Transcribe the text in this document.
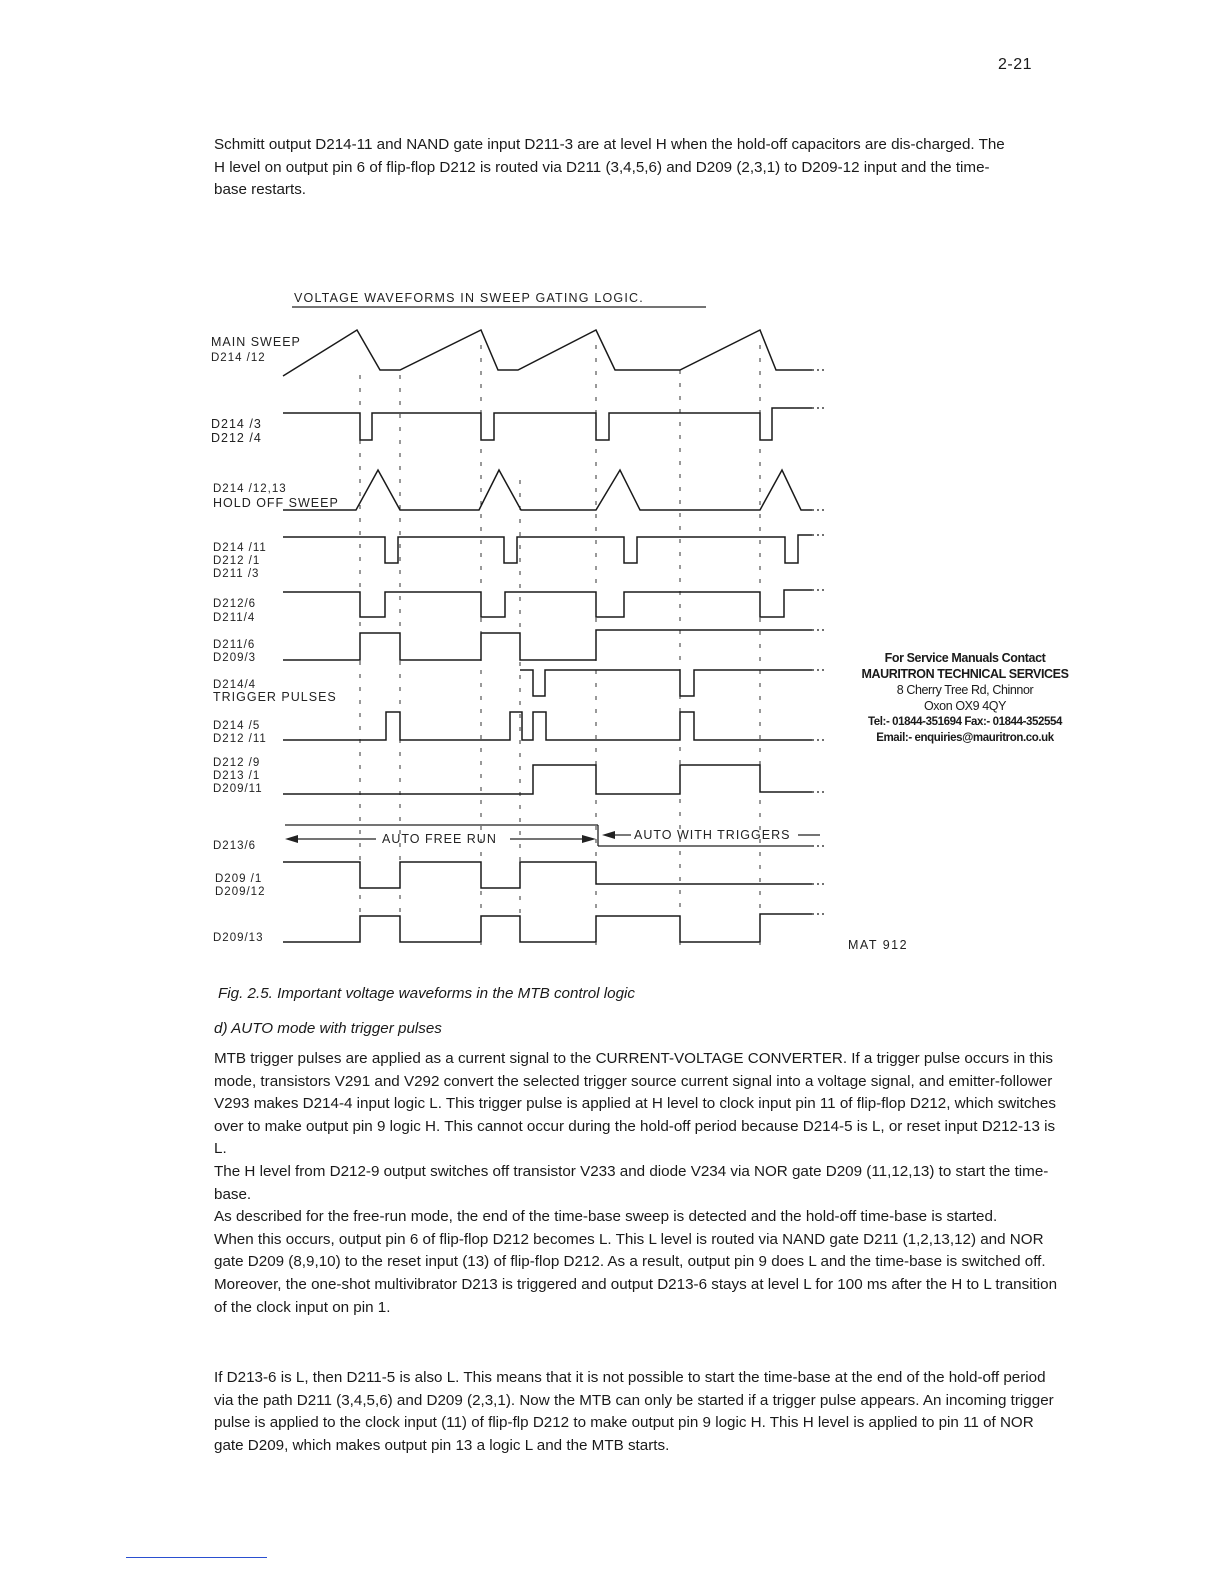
2-21
Schmitt output D214-11 and NAND gate input D211-3 are at level H when the hold-off capacitors are dis-charged. The H level on output pin 6 of flip-flop D212 is routed via D211 (3,4,5,6) and D209 (2,3,1) to D209-12 input and the time-base restarts.
VOLTAGE WAVEFORMS IN SWEEP GATING LOGIC.
MAIN SWEEP
D214 /12
D214 /3
D212 /4
D214 /12,13
HOLD OFF SWEEP
D214 /11
D212 /1
D211 /3
D212/6
D211/4
D211/6
D209/3
D214/4
TRIGGER PULSES
D214 /5
D212 /11
D212 /9
D213 /1
D209/11
D213/6
D209 /1
D209/12
D209/13
AUTO FREE RUN	AUTO WITH TRIGGERS
MAT 912
For Service Manuals Contact
MAURITRON TECHNICAL SERVICES
8 Cherry Tree Rd, Chinnor
Oxon OX9 4QY
Tel:- 01844-351694 Fax:- 01844-352554
Email:- enquiries@mauritron.co.uk
Fig. 2.5. Important voltage waveforms in the MTB control logic
d) AUTO mode with trigger pulses

MTB trigger pulses are applied as a current signal to the CURRENT-VOLTAGE CONVERTER. If a trigger pulse occurs in this mode, transistors V291 and V292 convert the selected trigger source current signal into a voltage signal, and emitter-follower V293 makes D214-4 input logic L. This trigger pulse is applied at H level to clock input pin 11 of flip-flop D212, which switches over to make output pin 9 logic H. This cannot occur during the hold-off period because D214-5 is L, or reset input D212-13 is L.

The H level from D212-9 output switches off transistor V233 and diode V234 via NOR gate D209 (11,12,13) to start the time-base.

As described for the free-run mode, the end of the time-base sweep is detected and the hold-off time-base is started.

When this occurs, output pin 6 of flip-flop D212 becomes L. This L level is routed via NAND gate D211 (1,2,13,12) and NOR gate D209 (8,9,10) to the reset input (13) of flip-flop D212. As a result, output pin 9 does L and the time-base is switched off. Moreover, the one-shot multivibrator D213 is triggered and output D213-6 stays at level L for 100 ms after the H to L transition of the clock input on pin 1.

If D213-6 is L, then D211-5 is also L. This means that it is not possible to start the time-base at the end of the hold-off period via the path D211 (3,4,5,6) and D209 (2,3,1). Now the MTB can only be started if a trigger pulse appears. An incoming trigger pulse is applied to the clock input (11) of flip-flp D212 to make output pin 9 logic H. This H level is applied to pin 11 of NOR gate D209, which makes output pin 13 a logic L and the MTB starts.
